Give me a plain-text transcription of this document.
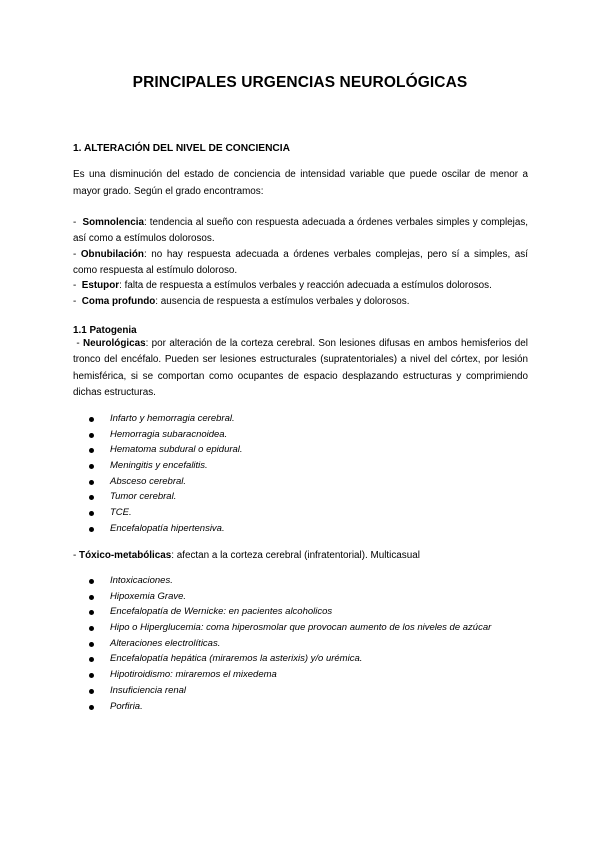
PRINCIPALES URGENCIAS NEUROLÓGICAS
1. ALTERACIÓN DEL NIVEL DE CONCIENCIA
Es una disminución del estado de conciencia de intensidad variable que puede oscilar de menor a
mayor grado. Según el grado encontramos:
-  Somnolencia: tendencia al sueño con respuesta adecuada a órdenes verbales simples y complejas,
así como a estímulos dolorosos.
- Obnubilación: no hay respuesta adecuada a órdenes verbales complejas, pero sí a simples, así
como respuesta al estímulo doloroso.
-  Estupor: falta de respuesta a estímulos verbales y reacción adecuada a estímulos dolorosos.
-  Coma profundo: ausencia de respuesta a estímulos verbales y dolorosos.
1.1 Patogenia
- Neurológicas: por alteración de la corteza cerebral. Son lesiones difusas en ambos hemisferios del
tronco del encéfalo. Pueden ser lesiones estructurales (supratentoriales) a nivel del córtex, por lesión
hemisférica, si se comportan como ocupantes de espacio desplazando estructuras y comprimiendo
dichas estructuras.
Infarto y hemorragia cerebral.
Hemorragia subaracnoidea.
Hematoma subdural o epidural.
Meningitis y encefalitis.
Absceso cerebral.
Tumor cerebral.
TCE.
Encefalopatía hipertensiva.
- Tóxico-metabólicas: afectan a la corteza cerebral (infratentorial). Multicasual
Intoxicaciones.
Hipoxemia Grave.
Encefalopatía de Wernicke: en pacientes alcoholicos
Hipo o Hiperglucemia: coma hiperosmolar que provocan aumento de los niveles de azúcar
Alteraciones electrolíticas.
Encefalopatía hepática (miraremos la asterixis) y/o urémica.
Hipotiroidismo: miraremos el mixedema
Insuficiencia renal
Porfiria.
